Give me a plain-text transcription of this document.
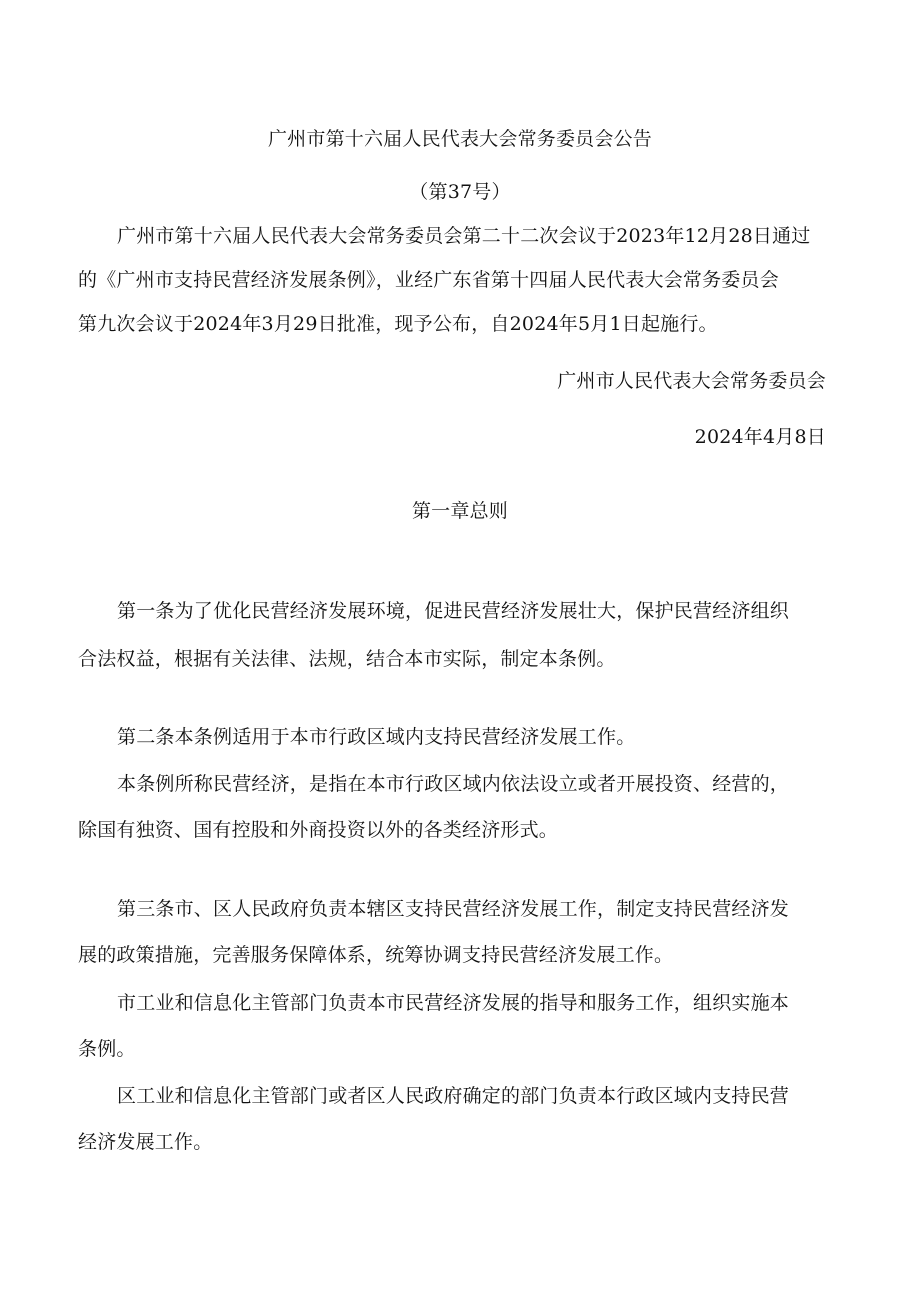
广州市第十六届人民代表大会常务委员会公告
（第37号）
广州市第十六届人民代表大会常务委员会第二十二次会议于2023年12月28日通过
的《广州市支持民营经济发展条例》，业经广东省第十四届人民代表大会常务委员会
第九次会议于2024年3月29日批准，现予公布，自2024年5月1日起施行。
广州市人民代表大会常务委员会
2024年4月8日
第一章总则
第一条为了优化民营经济发展环境，促进民营经济发展壮大，保护民营经济组织
合法权益，根据有关法律、法规，结合本市实际，制定本条例。
第二条本条例适用于本市行政区域内支持民营经济发展工作。
本条例所称民营经济，是指在本市行政区域内依法设立或者开展投资、经营的，
除国有独资、国有控股和外商投资以外的各类经济形式。
第三条市、区人民政府负责本辖区支持民营经济发展工作，制定支持民营经济发
展的政策措施，完善服务保障体系，统筹协调支持民营经济发展工作。
市工业和信息化主管部门负责本市民营经济发展的指导和服务工作，组织实施本
条例。
区工业和信息化主管部门或者区人民政府确定的部门负责本行政区域内支持民营
经济发展工作。
